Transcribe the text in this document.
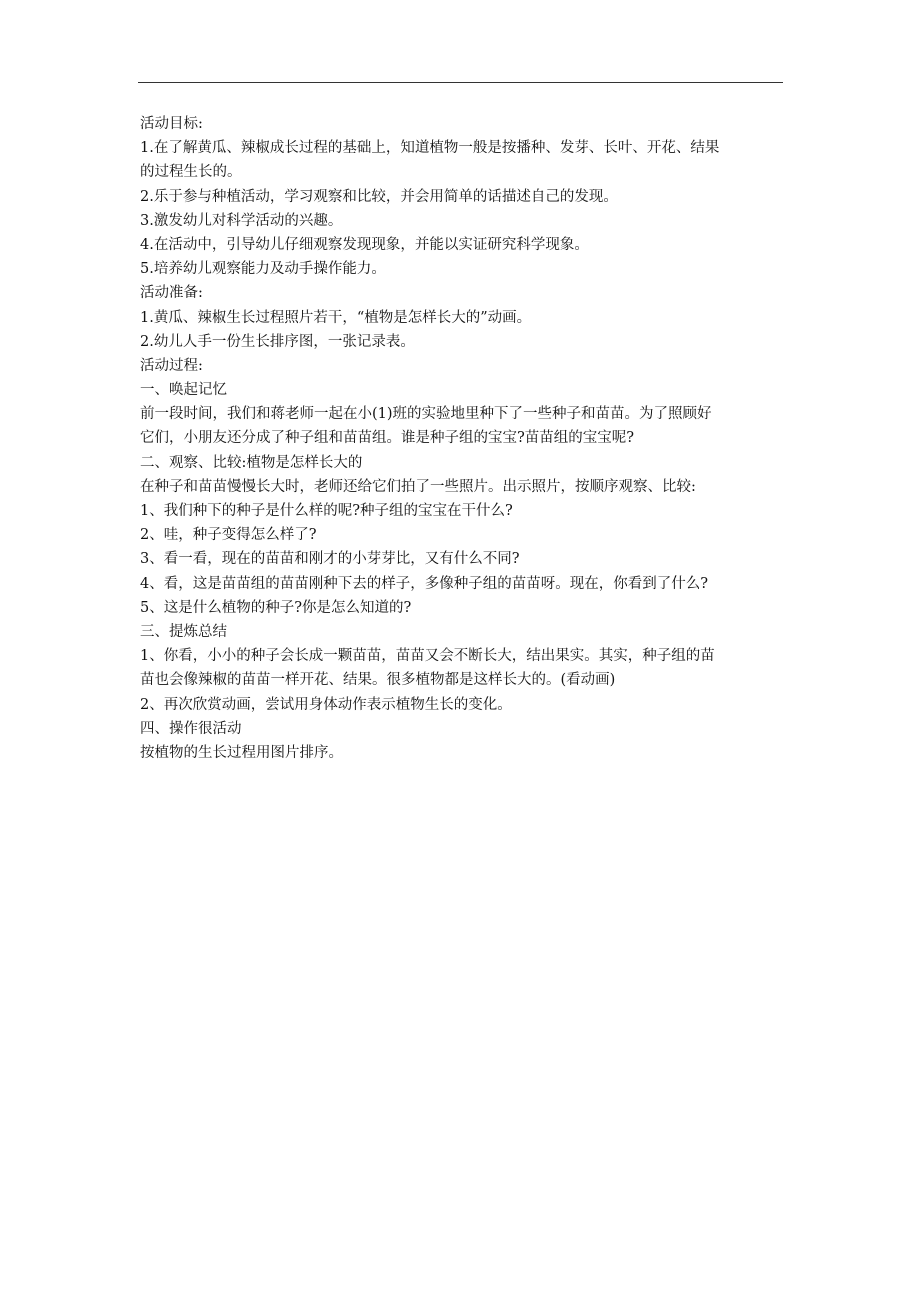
活动目标:
1.在了解黄瓜、辣椒成长过程的基础上，知道植物一般是按播种、发芽、长叶、开花、结果
的过程生长的。
2.乐于参与种植活动，学习观察和比较，并会用简单的话描述自己的发现。
3.激发幼儿对科学活动的兴趣。
4.在活动中，引导幼儿仔细观察发现现象，并能以实证研究科学现象。
5.培养幼儿观察能力及动手操作能力。
活动准备:
1.黄瓜、辣椒生长过程照片若干，“植物是怎样长大的”动画。
2.幼儿人手一份生长排序图，一张记录表。
活动过程:
一、唤起记忆
前一段时间，我们和蒋老师一起在小(1)班的实验地里种下了一些种子和苗苗。为了照顾好
它们，小朋友还分成了种子组和苗苗组。谁是种子组的宝宝?苗苗组的宝宝呢?
二、观察、比较:植物是怎样长大的
在种子和苗苗慢慢长大时，老师还给它们拍了一些照片。出示照片，按顺序观察、比较:
1、我们种下的种子是什么样的呢?种子组的宝宝在干什么?
2、哇，种子变得怎么样了?
3、看一看，现在的苗苗和刚才的小芽芽比，又有什么不同?
4、看，这是苗苗组的苗苗刚种下去的样子，多像种子组的苗苗呀。现在，你看到了什么?
5、这是什么植物的种子?你是怎么知道的?
三、提炼总结
1、你看，小小的种子会长成一颗苗苗，苗苗又会不断长大，结出果实。其实，种子组的苗
苗也会像辣椒的苗苗一样开花、结果。很多植物都是这样长大的。(看动画)
2、再次欣赏动画，尝试用身体动作表示植物生长的变化。
四、操作很活动
按植物的生长过程用图片排序。
